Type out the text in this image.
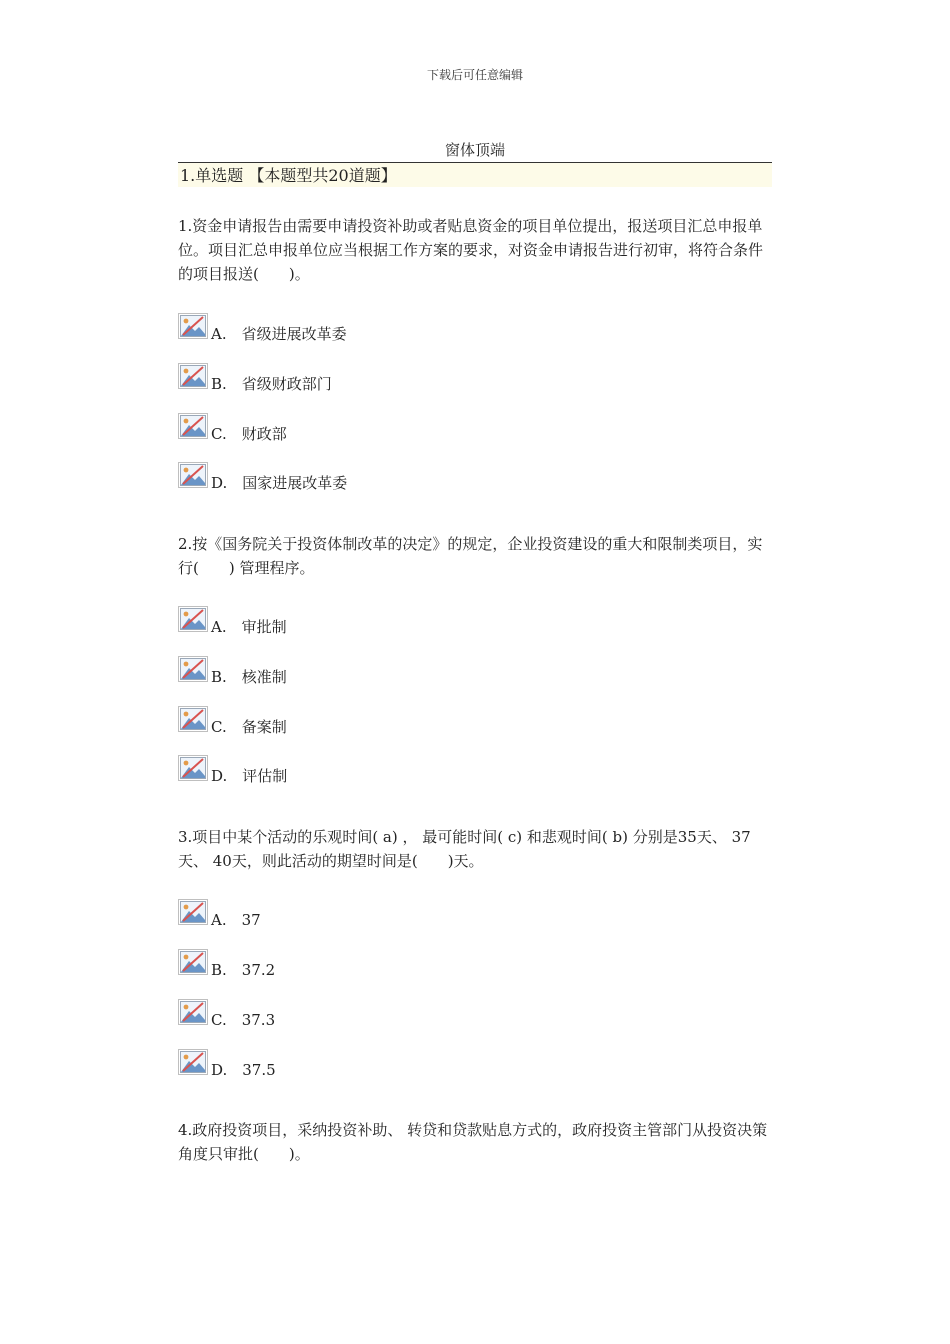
下载后可任意编辑
窗体顶端
1.单选题 【本题型共20道题】
1.资金申请报告由需要申请投资补助或者贴息资金的项目单位提出，报送项目汇总申报单位。项目汇总申报单位应当根据工作方案的要求，对资金申请报告进行初审，将符合条件的项目报送(　　)。
A.　省级进展改革委
B.　省级财政部门
C.　财政部
D.　国家进展改革委
2.按《国务院关于投资体制改革的决定》的规定，企业投资建设的重大和限制类项目，实行(　　) 管理程序。
A.　审批制
B.　核准制
C.　备案制
D.　评估制
3.项目中某个活动的乐观时间( a) ， 最可能时间( c) 和悲观时间( b) 分别是35天、 37天、 40天，则此活动的期望时间是(　　)天。
A.　37
B.　37.2
C.　37.3
D.　37.5
4.政府投资项目，采纳投资补助、 转贷和贷款贴息方式的，政府投资主管部门从投资决策角度只审批(　　)。
